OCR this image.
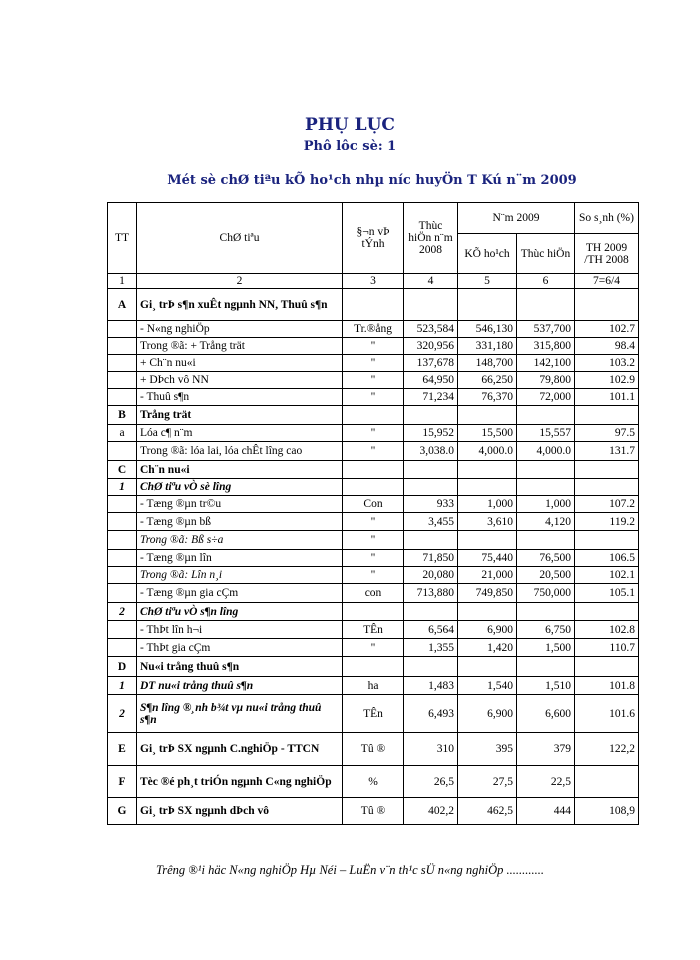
PHỤ LỤC
Phô lôc sè: 1
Mét sè chØ tiªu kÕ ho¹ch nhµ níc huyÖn T Kú n¨m 2009
TT	ChØ tiªu	§¬n vÞ tÝnh	Thùc hiÖn n¨m 2008	N¨m 2009		So s¸nh (%)
				KÕ ho¹ch	Thùc hiÖn	TH 2009 /TH 2008
1	2	3	4	5	6	7=6/4
A	Gi¸ trÞ s¶n xuÊt ngµnh NN, Thuû s¶n					
	- N«ng nghiÖp	Tr.®ång	523,584	546,130	537,700	102.7
	Trong ®ã: + Trång trät	"	320,956	331,180	315,800	98.4
	+ Ch¨n nu«i	"	137,678	148,700	142,100	103.2
	+ DÞch vô NN	"	64,950	66,250	79,800	102.9
	- Thuû s¶n	"	71,234	76,370	72,000	101.1
B	Trång trät					
a	Lóa c¶ n¨m	"	15,952	15,500	15,557	97.5
	Trong ®ã: lóa lai, lóa chÊt lîng cao	"	3,038.0	4,000.0	4,000.0	131.7
C	Ch¨n nu«i					
1	ChØ tiªu vÒ sè lîng					
	- Tæng ®µn tr©u	Con	933	1,000	1,000	107.2
	- Tæng ®µn bß	"	3,455	3,610	4,120	119.2
	Trong ®ã: Bß s÷a	"				
	- Tæng ®µn lîn	"	71,850	75,440	76,500	106.5
	Trong ®ã: Lîn n¸i	"	20,080	21,000	20,500	102.1
	- Tæng ®µn gia cÇm	con	713,880	749,850	750,000	105.1
2	ChØ tiªu vÒ s¶n lîng					
	- ThÞt lîn h¬i	TÊn	6,564	6,900	6,750	102.8
	- ThÞt gia cÇm	"	1,355	1,420	1,500	110.7
D	Nu«i trång thuû s¶n					
1	DT nu«i trång thuû s¶n	ha	1,483	1,540	1,510	101.8
2	S¶n lîng ®¸nh b¾t vµ nu«i trång thuû s¶n	TÊn	6,493	6,900	6,600	101.6
E	Gi¸ trÞ SX ngµnh C.nghiÖp - TTCN	Tû ®	310	395	379	122,2
F	Tèc ®é ph¸t triÓn ngµnh C«ng nghiÖp	%	26,5	27,5	22,5	
G	Gi¸ trÞ SX ngµnh dÞch vô	Tû ®	402,2	462,5	444	108,9
Trêng ®¹i häc N«ng nghiÖp Hµ Néi – LuËn v¨n th¹c sÜ n«ng nghiÖp ............
